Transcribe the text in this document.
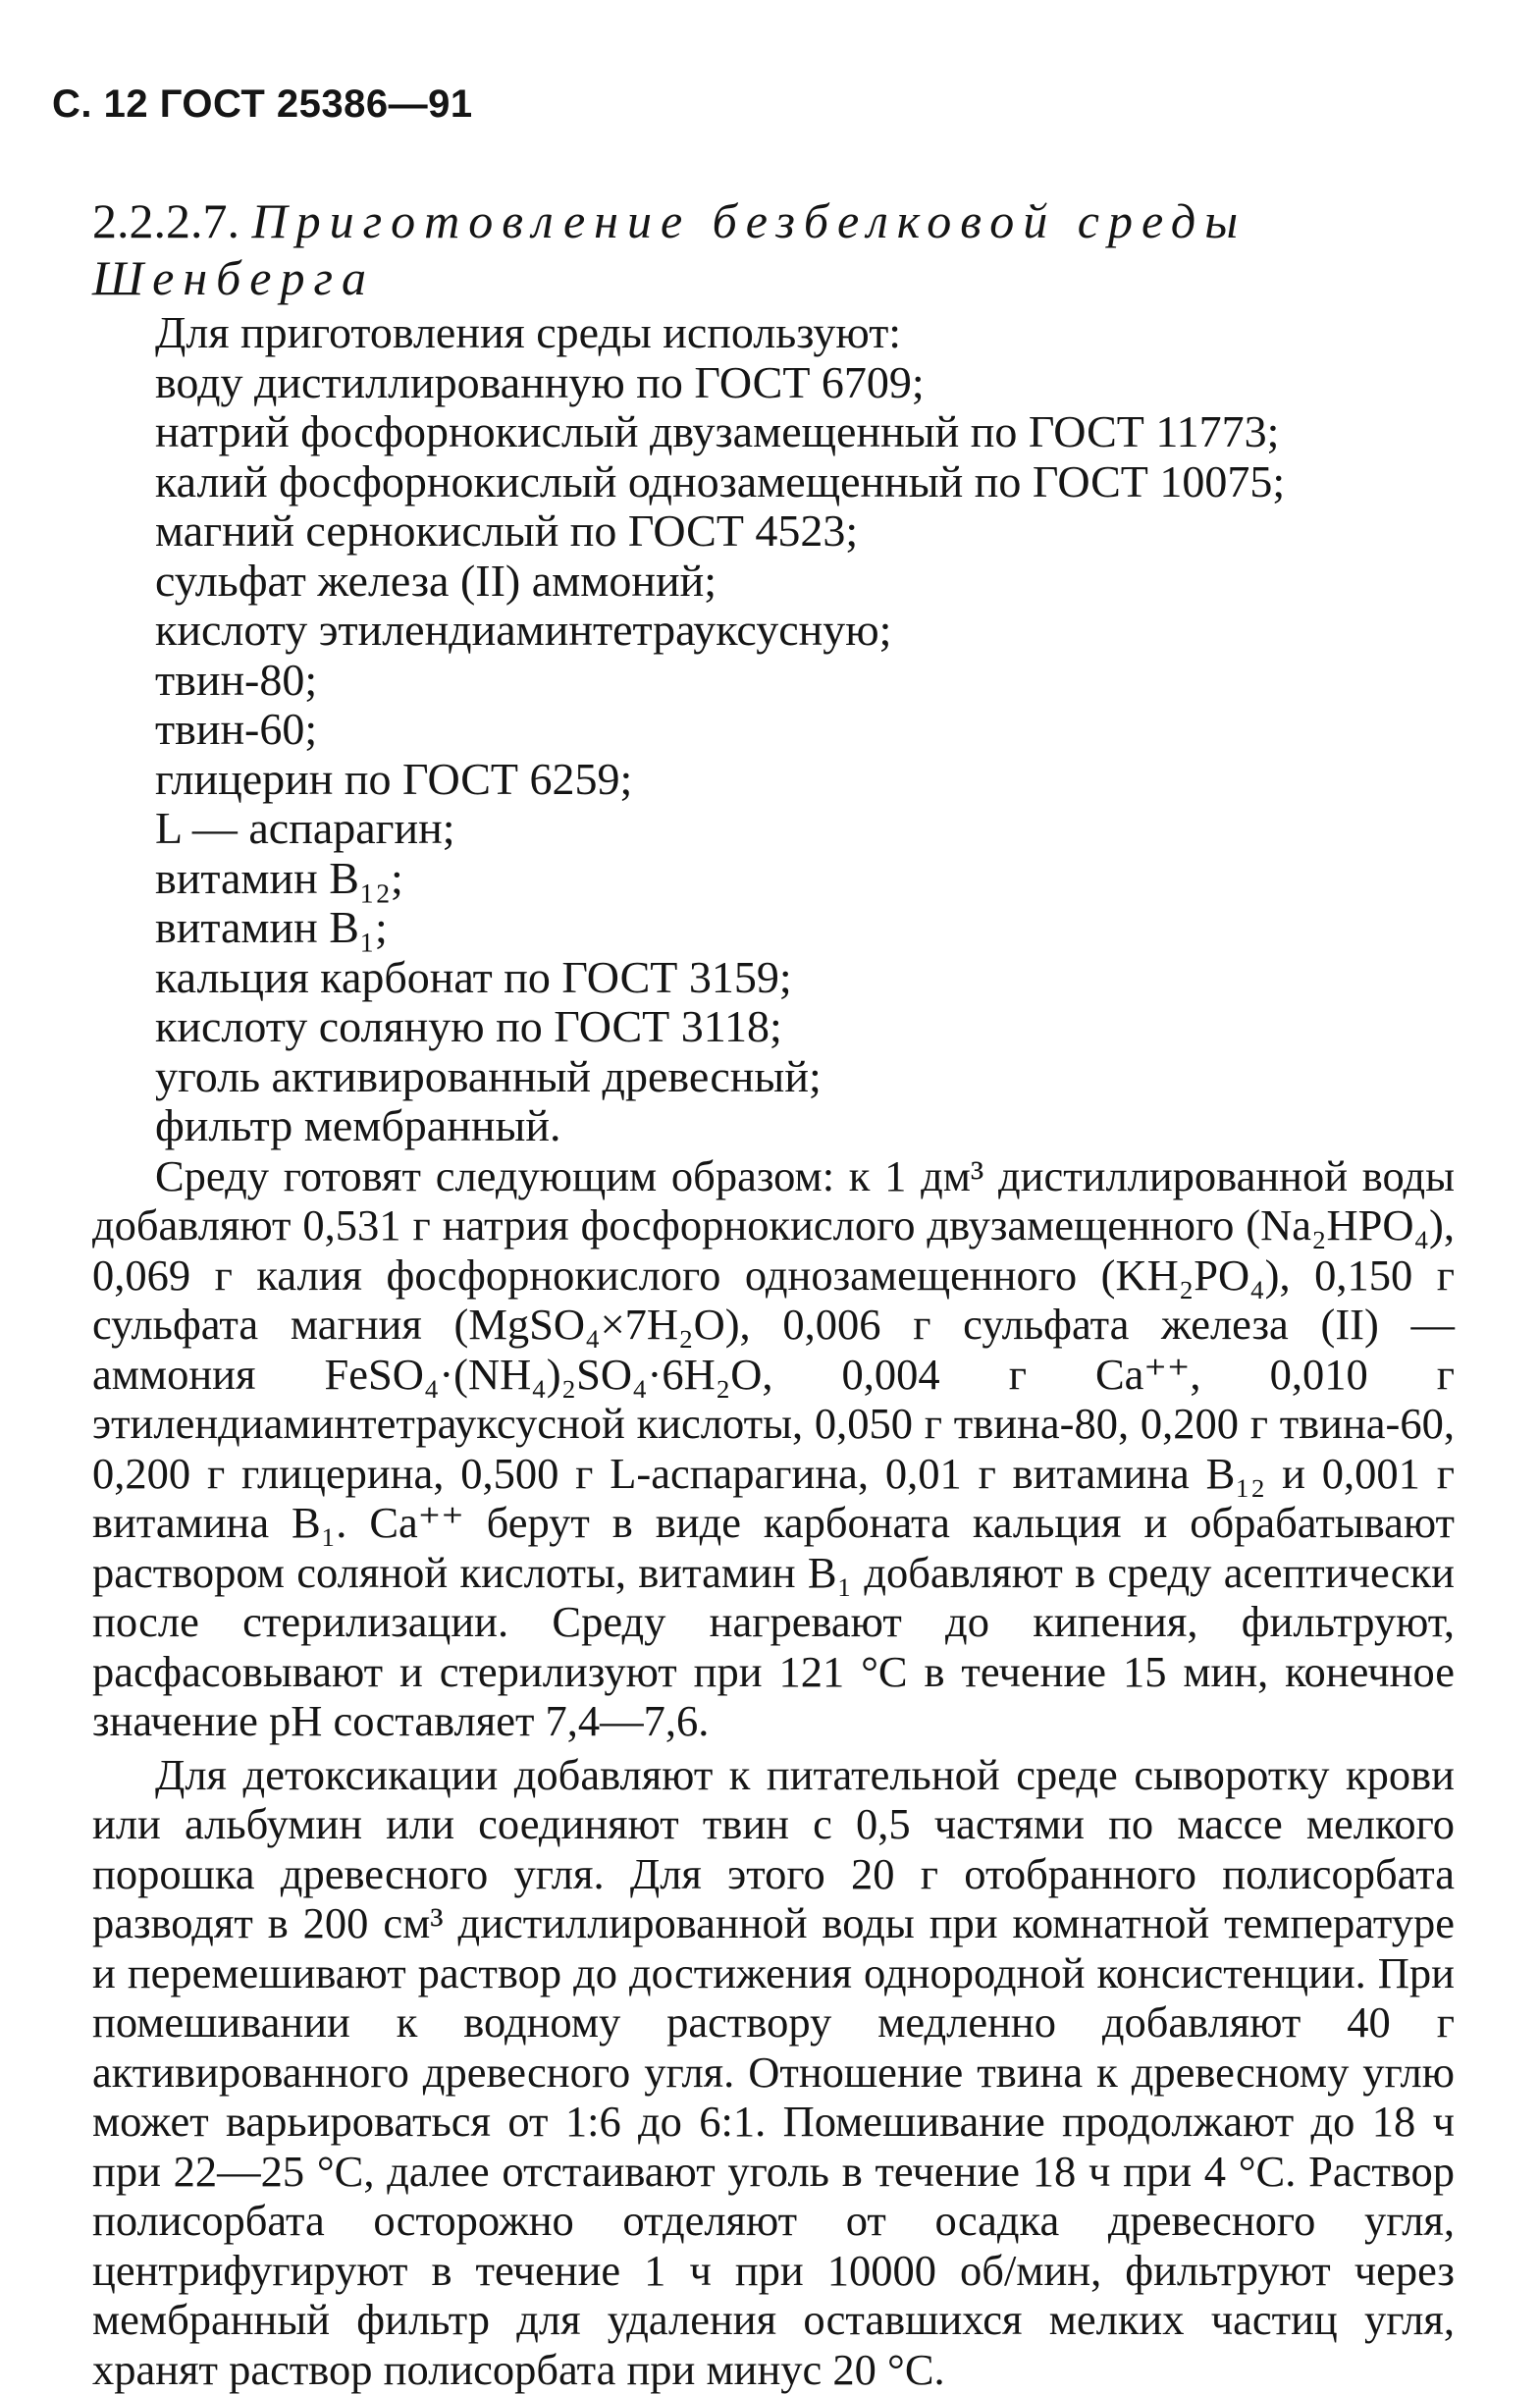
С. 12 ГОСТ 25386—91
2.2.2.7. Приготовление безбелковой среды Шенберга

Для приготовления среды используют:

воду дистиллированную по ГОСТ 6709;

натрий фосфорнокислый двузамещенный по ГОСТ 11773;

калий фосфорнокислый однозамещенный по ГОСТ 10075;

магний сернокислый по ГОСТ 4523;

сульфат железа (II) аммоний;

кислоту этилендиаминтетрауксусную;

твин-80;

твин-60;

глицерин по ГОСТ 6259;

L — аспарагин;

витамин B₁₂;

витамин B₁;

кальция карбонат по ГОСТ 3159;

кислоту соляную по ГОСТ 3118;

уголь активированный древесный;

фильтр мембранный.

Среду готовят следующим образом: к 1 дм³ дистиллированной воды добавляют 0,531 г натрия фосфорнокислого двузамещенного (Na₂HPO₄), 0,069 г калия фосфорнокислого однозамещенного (KH₂PO₄), 0,150 г сульфата магния (MgSO₄×7H₂O), 0,006 г сульфата железа (II) — аммония FeSO₄·(NH₄)₂SO₄·6H₂O, 0,004 г Ca⁺⁺, 0,010 г этилендиаминтетрауксусной кислоты, 0,050 г твина-80, 0,200 г твина-60, 0,200 г глицерина, 0,500 г L-аспарагина, 0,01 г витамина B₁₂ и 0,001 г витамина B₁. Ca⁺⁺ берут в виде карбоната кальция и обрабатывают раствором соляной кислоты, витамин B₁ добавляют в среду асептически после стерилизации. Среду нагревают до кипения, фильтруют, расфасовывают и стерилизуют при 121 °C в течение 15 мин, конечное значение pH составляет 7,4—7,6.

Для детоксикации добавляют к питательной среде сыворотку крови или альбумин или соединяют твин с 0,5 частями по массе мелкого порошка древесного угля. Для этого 20 г отобранного полисорбата разводят в 200 см³ дистиллированной воды при комнатной температуре и перемешивают раствор до достижения однородной консистенции. При помешивании к водному раствору медленно добавляют 40 г активированного древесного угля. Отношение твина к древесному углю может варьироваться от 1:6 до 6:1. Помешивание продолжают до 18 ч при 22—25 °C, далее отстаивают уголь в течение 18 ч при 4 °C. Раствор полисорбата осторожно отделяют от осадка древесного угля, центрифугируют в течение 1 ч при 10000 об/мин, фильтруют через мембранный фильтр для удаления оставшихся мелких частиц угля, хранят раствор полисорбата при минус 20 °C.
